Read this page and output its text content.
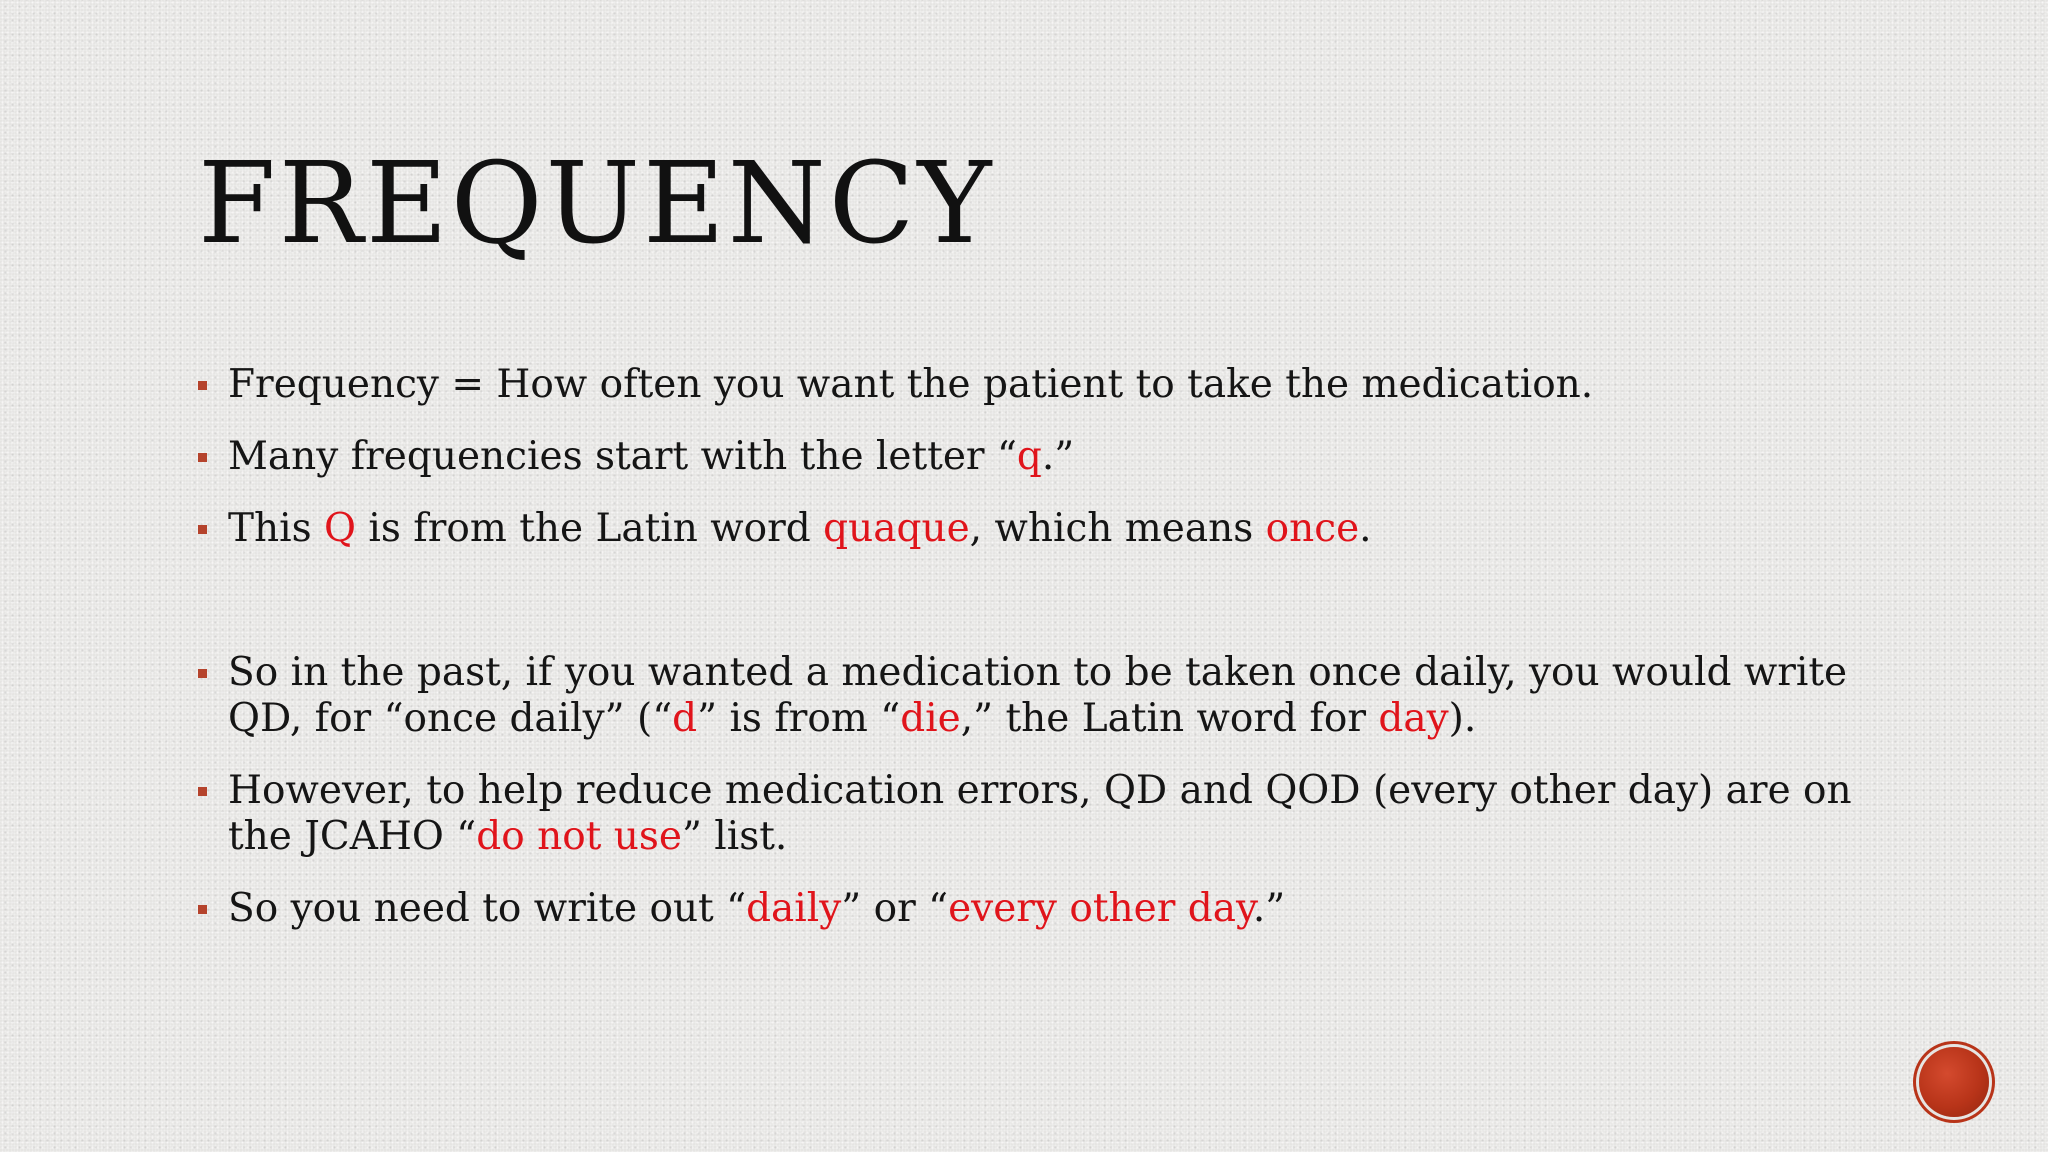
FREQUENCY
Frequency = How often you want the patient to take the medication.
Many frequencies start with the letter “q.”
This Q is from the Latin word quaque, which means once.
So in the past, if you wanted a medication to be taken once daily, you would write QD, for “once daily” (“d” is from “die,” the Latin word for day).
However, to help reduce medication errors, QD and QOD (every other day) are on the JCAHO “do not use” list.
So you need to write out “daily” or “every other day.”
